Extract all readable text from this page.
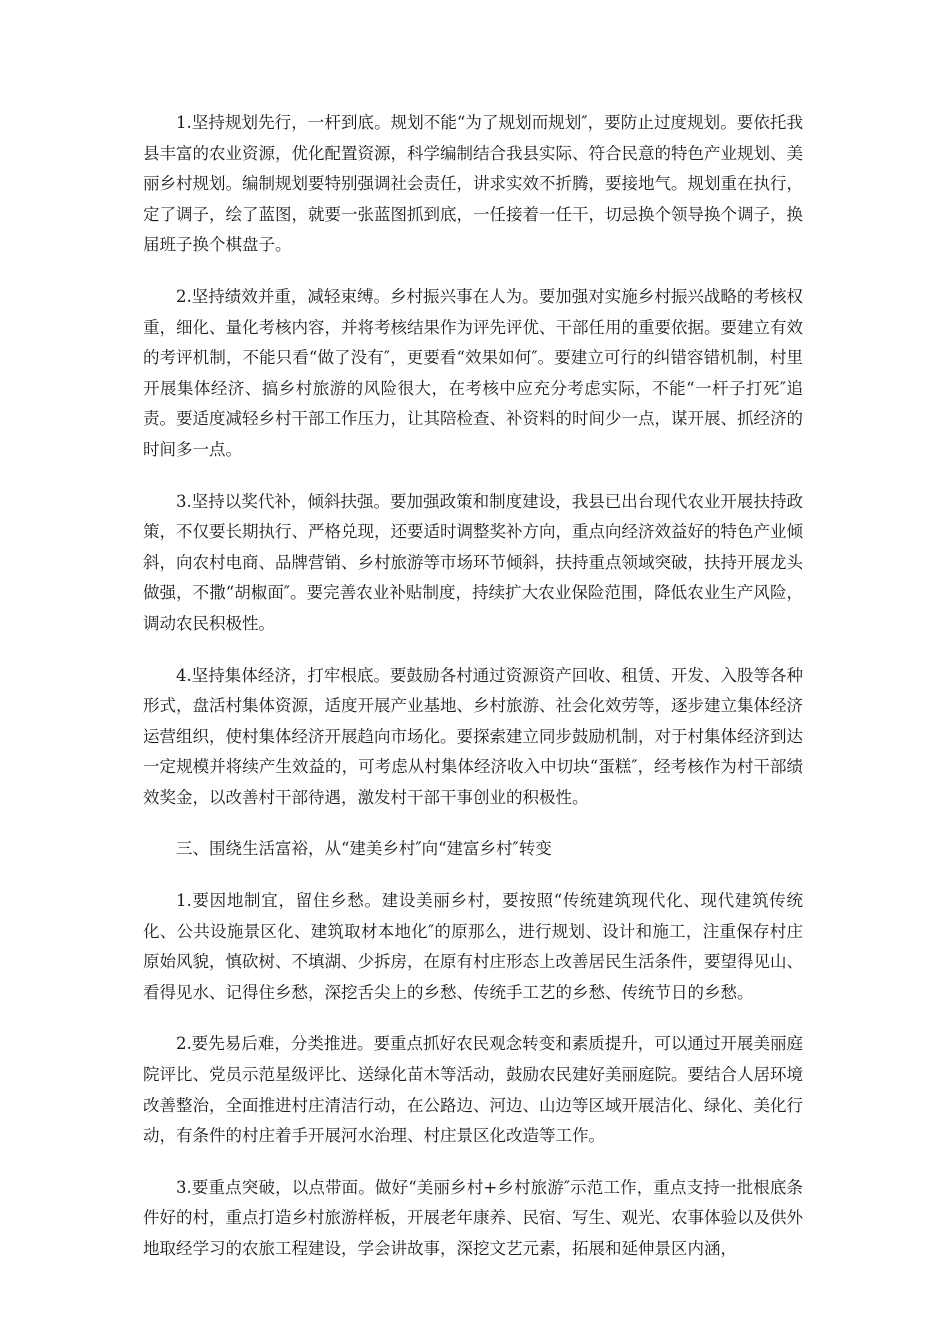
1.坚持规划先行，一杆到底。规划不能“为了规划而规划″，要防止过度规划。要依托我县丰富的农业资源，优化配置资源，科学编制结合我县实际、符合民意的特色产业规划、美丽乡村规划。编制规划要特别强调社会责任，讲求实效不折腾，要接地气。规划重在执行，定了调子，绘了蓝图，就要一张蓝图抓到底，一任接着一任干，切忌换个领导换个调子，换届班子换个棋盘子。

2.坚持绩效并重，减轻束缚。乡村振兴事在人为。要加强对实施乡村振兴战略的考核权重，细化、量化考核内容，并将考核结果作为评先评优、干部任用的重要依据。要建立有效的考评机制，不能只看“做了没有″，更要看“效果如何″。要建立可行的纠错容错机制，村里开展集体经济、搞乡村旅游的风险很大，在考核中应充分考虑实际，不能“一杆子打死″追责。要适度减轻乡村干部工作压力，让其陪检查、补资料的时间少一点，谋开展、抓经济的时间多一点。

3.坚持以奖代补，倾斜扶强。要加强政策和制度建设，我县已出台现代农业开展扶持政策，不仅要长期执行、严格兑现，还要适时调整奖补方向，重点向经济效益好的特色产业倾斜，向农村电商、品牌营销、乡村旅游等市场环节倾斜，扶持重点领域突破，扶持开展龙头做强，不撒“胡椒面″。要完善农业补贴制度，持续扩大农业保险范围，降低农业生产风险，调动农民积极性。

4.坚持集体经济，打牢根底。要鼓励各村通过资源资产回收、租赁、开发、入股等各种形式，盘活村集体资源，适度开展产业基地、乡村旅游、社会化效劳等，逐步建立集体经济运营组织，使村集体经济开展趋向市场化。要探索建立同步鼓励机制，对于村集体经济到达一定规模并将续产生效益的，可考虑从村集体经济收入中切块“蛋糕″，经考核作为村干部绩效奖金，以改善村干部待遇，激发村干部干事创业的积极性。

三、围绕生活富裕，从“建美乡村″向“建富乡村″转变

1.要因地制宜，留住乡愁。建设美丽乡村，要按照“传统建筑现代化、现代建筑传统化、公共设施景区化、建筑取材本地化″的原那么，进行规划、设计和施工，注重保存村庄原始风貌，慎砍树、不填湖、少拆房，在原有村庄形态上改善居民生活条件，要望得见山、看得见水、记得住乡愁，深挖舌尖上的乡愁、传统手工艺的乡愁、传统节日的乡愁。

2.要先易后难，分类推进。要重点抓好农民观念转变和素质提升，可以通过开展美丽庭院评比、党员示范星级评比、送绿化苗木等活动，鼓励农民建好美丽庭院。要结合人居环境改善整治，全面推进村庄清洁行动，在公路边、河边、山边等区域开展洁化、绿化、美化行动，有条件的村庄着手开展河水治理、村庄景区化改造等工作。

3.要重点突破，以点带面。做好“美丽乡村+乡村旅游″示范工作，重点支持一批根底条件好的村，重点打造乡村旅游样板，开展老年康养、民宿、写生、观光、农事体验以及供外地取经学习的农旅工程建设，学会讲故事，深挖文艺元素，拓展和延伸景区内涵，
